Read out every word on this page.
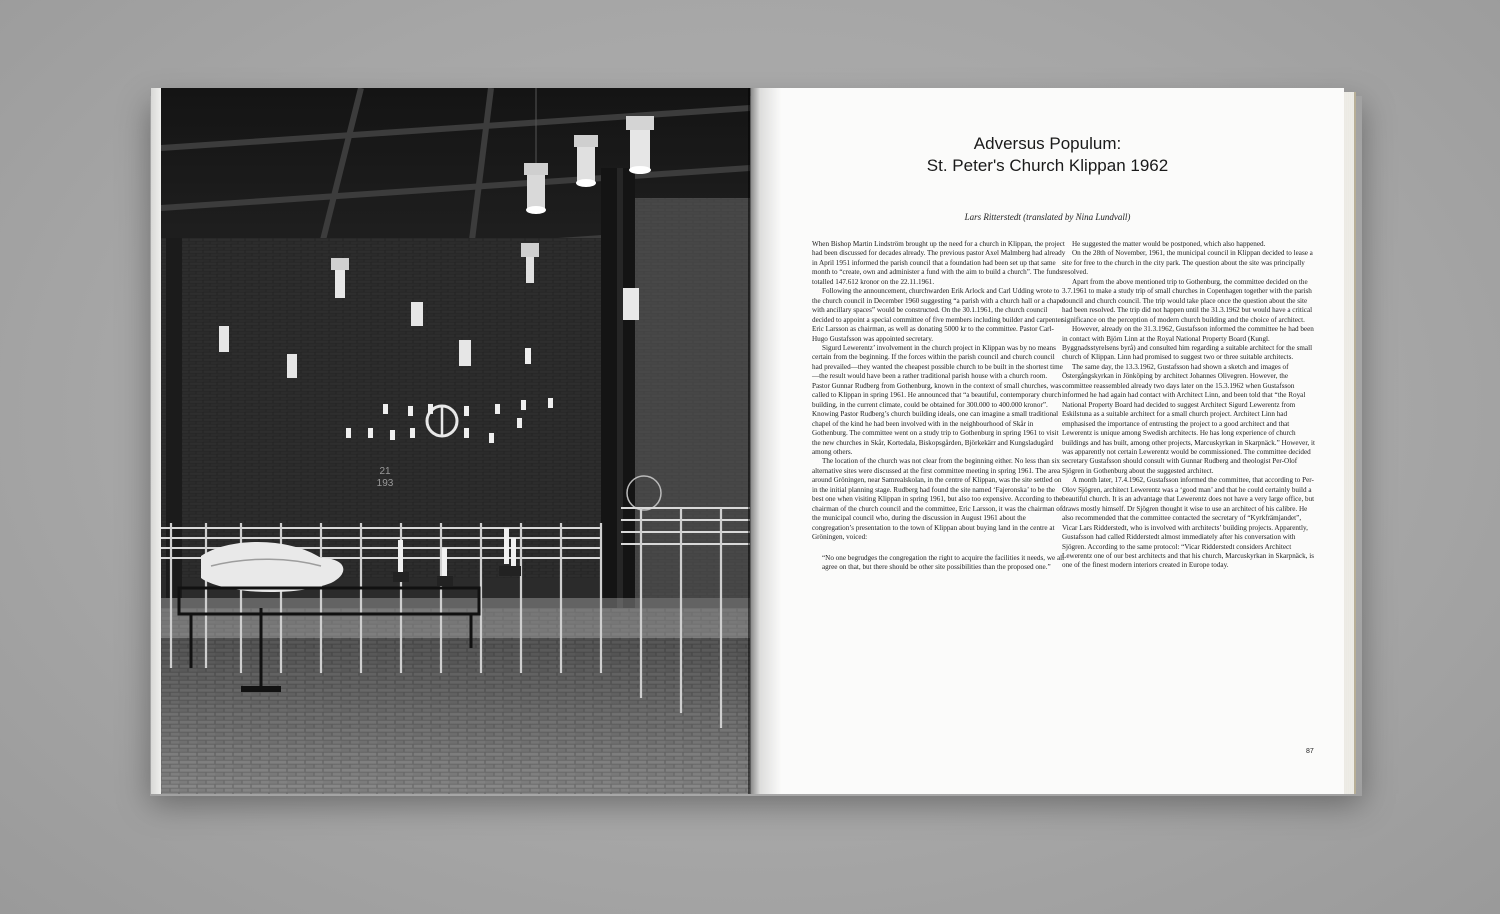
21
193
Adversus Populum:
St. Peter's Church Klippan 1962
Lars Ritterstedt (translated by Nina Lundvall)

When Bishop Martin Lindström brought up the need for a church in Klippan, the project had been discussed for decades already. The previous pastor Axel Malmberg had already in April 1951 informed the parish council that a foundation had been set up that same month to “create, own and administer a fund with the aim to build a church”. The funds totalled 147.612 kronor on the 22.11.1961.

Following the announcement, churchwarden Erik Arlock and Carl Udding wrote to the church council in December 1960 suggesting “a parish with a church hall or a chapel with ancillary spaces” would be constructed. On the 30.1.1961, the church council decided to appoint a special committee of five members including builder and carpenter Eric Larsson as chairman, as well as donating 5000 kr to the committee. Pastor Carl-Hugo Gustafsson was appointed secretary.

Sigurd Lewerentz’ involvement in the church project in Klippan was by no means certain from the beginning. If the forces within the parish council and church council had prevailed—they wanted the cheapest possible church to be built in the shortest time—the result would have been a rather traditional parish house with a church room. Pastor Gunnar Rudberg from Gothenburg, known in the context of small churches, was called to Klippan in spring 1961. He announced that “a beautiful, contemporary church building, in the current climate, could be obtained for 300.000 to 400.000 kronor”. Knowing Pastor Rudberg’s church building ideals, one can imagine a small traditional chapel of the kind he had been involved with in the neighbourhood of Skår in Gothenburg. The committee went on a study trip to Gothenburg in spring 1961 to visit the new churches in Skår, Kortedala, Biskopsgården, Björkekärr and Kungsladugård among others.

The location of the church was not clear from the beginning either. No less than six alternative sites were discussed at the first committee meeting in spring 1961. The area around Gröningen, near Samrealskolan, in the centre of Klippan, was the site settled on in the initial planning stage. Rudberg had found the site named ‘Fajeronska’ to be the best one when visiting Klippan in spring 1961, but also too expensive. According to the chairman of the church council and the committee, Eric Larsson, it was the chairman of the municipal council who, during the discussion in August 1961 about the congregation’s presentation to the town of Klippan about buying land in the centre at Gröningen, voiced:

“No one begrudges the congregation the right to acquire the facilities it needs, we all agree on that, but there should be other site possibilities than the proposed one.”

He suggested the matter would be postponed, which also happened.

On the 28th of November, 1961, the municipal council in Klippan decided to lease a site for free to the church in the city park. The question about the site was principally resolved.

Apart from the above mentioned trip to Gothenburg, the committee decided on the 3.7.1961 to make a study trip of small churches in Copenhagen together with the parish council and church council. The trip would take place once the question about the site had been resolved. The trip did not happen until the 31.3.1962 but would have a critical significance on the perception of modern church building and the choice of architect.

However, already on the 31.3.1962, Gustafsson informed the committee he had been in contact with Björn Linn at the Royal National Property Board (Kungl. Byggnadsstyrelsens byrå) and consulted him regarding a suitable architect for the small church of Klippan. Linn had promised to suggest two or three suitable architects.

The same day, the 13.3.1962, Gustafsson had shown a sketch and images of Östergångskyrkan in Jönköping by architect Johannes Olivegren. However, the committee reassembled already two days later on the 15.3.1962 when Gustafsson informed he had again had contact with Architect Linn, and been told that “the Royal National Property Board had decided to suggest Architect Sigurd Lewerentz from Eskilstuna as a suitable architect for a small church project. Architect Linn had emphasised the importance of entrusting the project to a good architect and that Lewerentz is unique among Swedish architects. He has long experience of church buildings and has built, among other projects, Marcuskyrkan in Skarpnäck.” However, it was apparently not certain Lewerentz would be commissioned. The committee decided secretary Gustafsson should consult with Gunnar Rudberg and theologist Per-Olof Sjögren in Gothenburg about the suggested architect.

A month later, 17.4.1962, Gustafsson informed the committee, that according to Per-Olov Sjögren, architect Lewerentz was a ‘good man’ and that he could certainly build a beautiful church. It is an advantage that Lewerentz does not have a very large office, but draws mostly himself. Dr Sjögren thought it wise to use an architect of his calibre. He also recommended that the committee contacted the secretary of “Kyrkfrämjandet”, Vicar Lars Ridderstedt, who is involved with architects’ building projects. Apparently, Gustafsson had called Ridderstedt almost immediately after his conversation with Sjögren. According to the same protocol: “Vicar Ridderstedt considers Architect Lewerentz one of our best architects and that his church, Marcuskyrkan in Skarpnäck, is one of the finest modern interiors created in Europe today.

87
